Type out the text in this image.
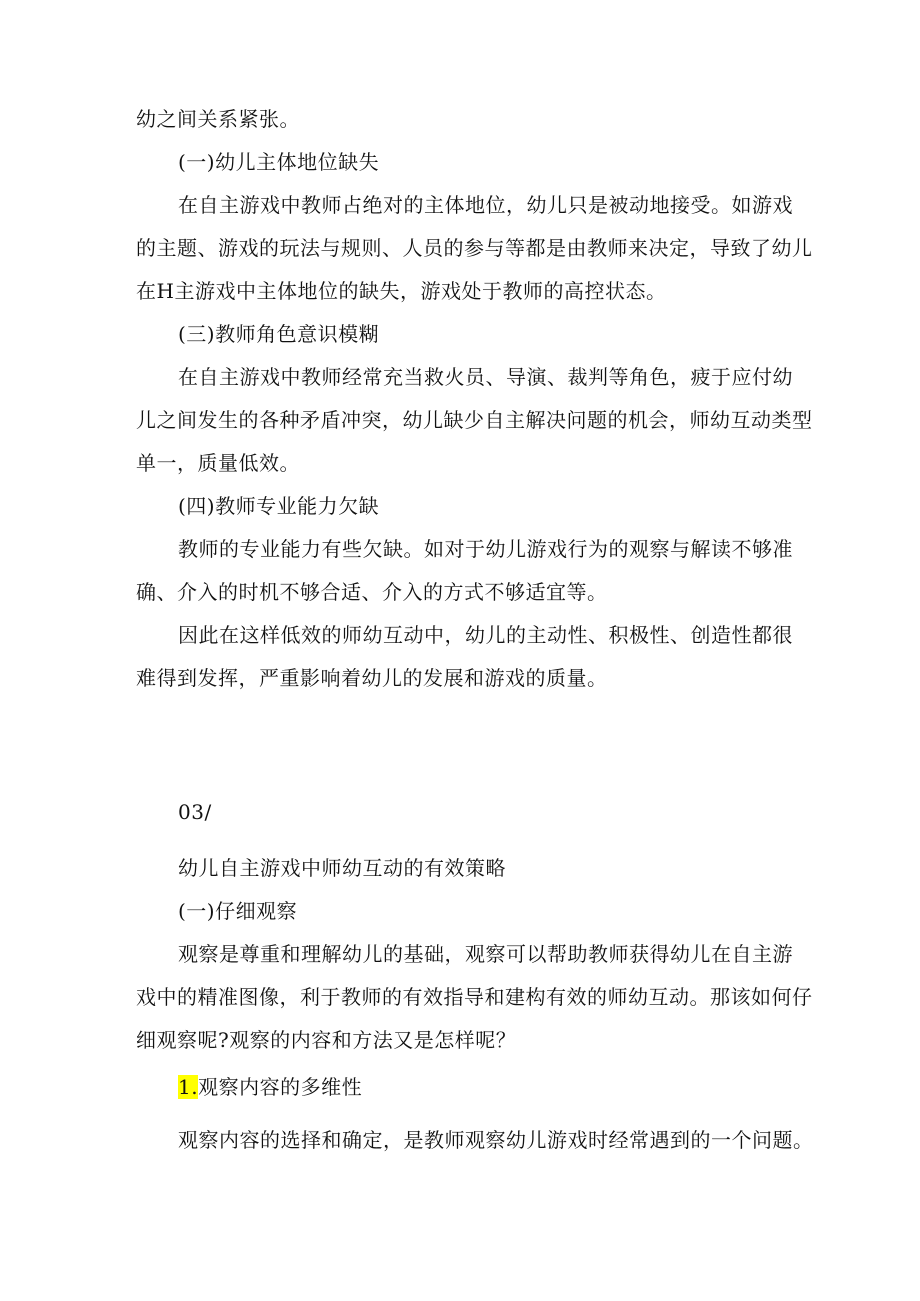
幼之间关系紧张。
(一)幼儿主体地位缺失
在自主游戏中教师占绝对的主体地位，幼儿只是被动地接受。如游戏
的主题、游戏的玩法与规则、人员的参与等都是由教师来决定，导致了幼儿
在H主游戏中主体地位的缺失，游戏处于教师的高控状态。
(三)教师角色意识模糊
在自主游戏中教师经常充当救火员、导演、裁判等角色，疲于应付幼
儿之间发生的各种矛盾冲突，幼儿缺少自主解决问题的机会，师幼互动类型
单一，质量低效。
(四)教师专业能力欠缺
教师的专业能力有些欠缺。如对于幼儿游戏行为的观察与解读不够准
确、介入的时机不够合适、介入的方式不够适宜等。
因此在这样低效的师幼互动中，幼儿的主动性、积极性、创造性都很
难得到发挥，严重影响着幼儿的发展和游戏的质量。
03/
幼儿自主游戏中师幼互动的有效策略
(一)仔细观察
观察是尊重和理解幼儿的基础，观察可以帮助教师获得幼儿在自主游
戏中的精准图像，利于教师的有效指导和建构有效的师幼互动。那该如何仔
细观察呢?观察的内容和方法又是怎样呢？
1.观察内容的多维性
观察内容的选择和确定，是教师观察幼儿游戏时经常遇到的一个问题。
